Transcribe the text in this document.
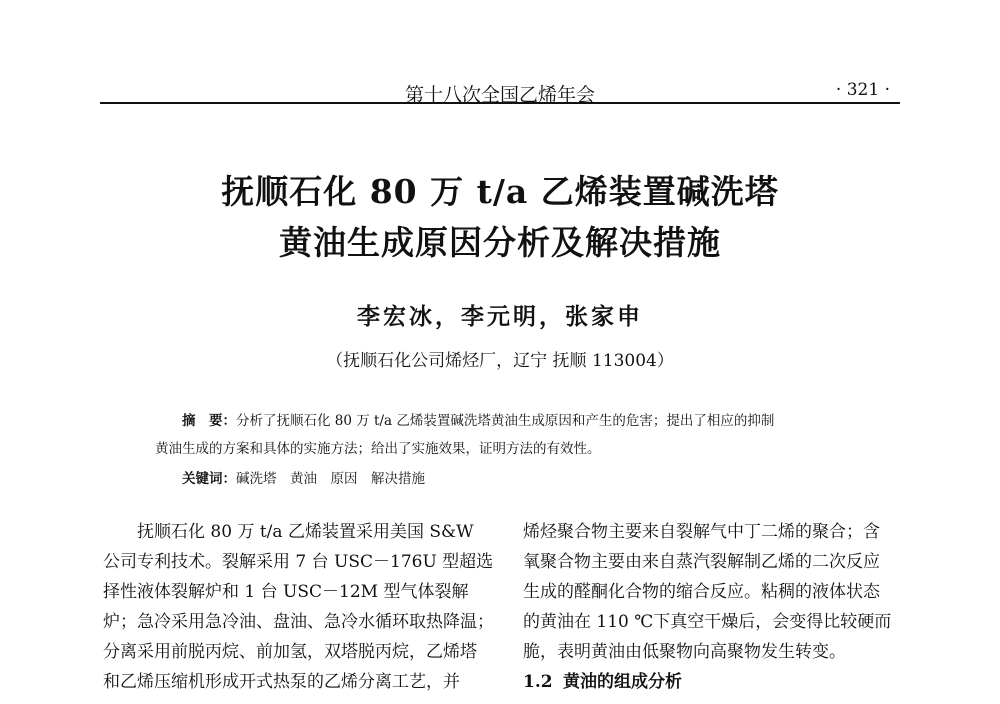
第十八次全国乙烯年会	· 321 ·
抚顺石化 80 万 t/a 乙烯装置碱洗塔
黄油生成原因分析及解决措施
李宏冰，李元明，张家申
（抚顺石化公司烯烃厂，辽宁 抚顺 113004）
摘　要：分析了抚顺石化 80 万 t/a 乙烯装置碱洗塔黄油生成原因和产生的危害；提出了相应的抑制
黄油生成的方案和具体的实施方法；给出了实施效果，证明方法的有效性。
关键词：碱洗塔　黄油　原因　解决措施

抚顺石化 80 万 t/a 乙烯装置采用美国 S&W

公司专利技术。裂解采用 7 台 USC－176U 型超选

择性液体裂解炉和 1 台 USC－12M 型气体裂解

炉；急冷采用急冷油、盘油、急冷水循环取热降温；

分离采用前脱丙烷、前加氢，双塔脱丙烷，乙烯塔

和乙烯压缩机形成开式热泵的乙烯分离工艺，并

烯烃聚合物主要来自裂解气中丁二烯的聚合；含

氧聚合物主要由来自蒸汽裂解制乙烯的二次反应

生成的醛酮化合物的缩合反应。粘稠的液体状态

的黄油在 110 ℃下真空干燥后，会变得比较硬而

脆，表明黄油由低聚物向高聚物发生转变。

1.2 黄油的组成分析
